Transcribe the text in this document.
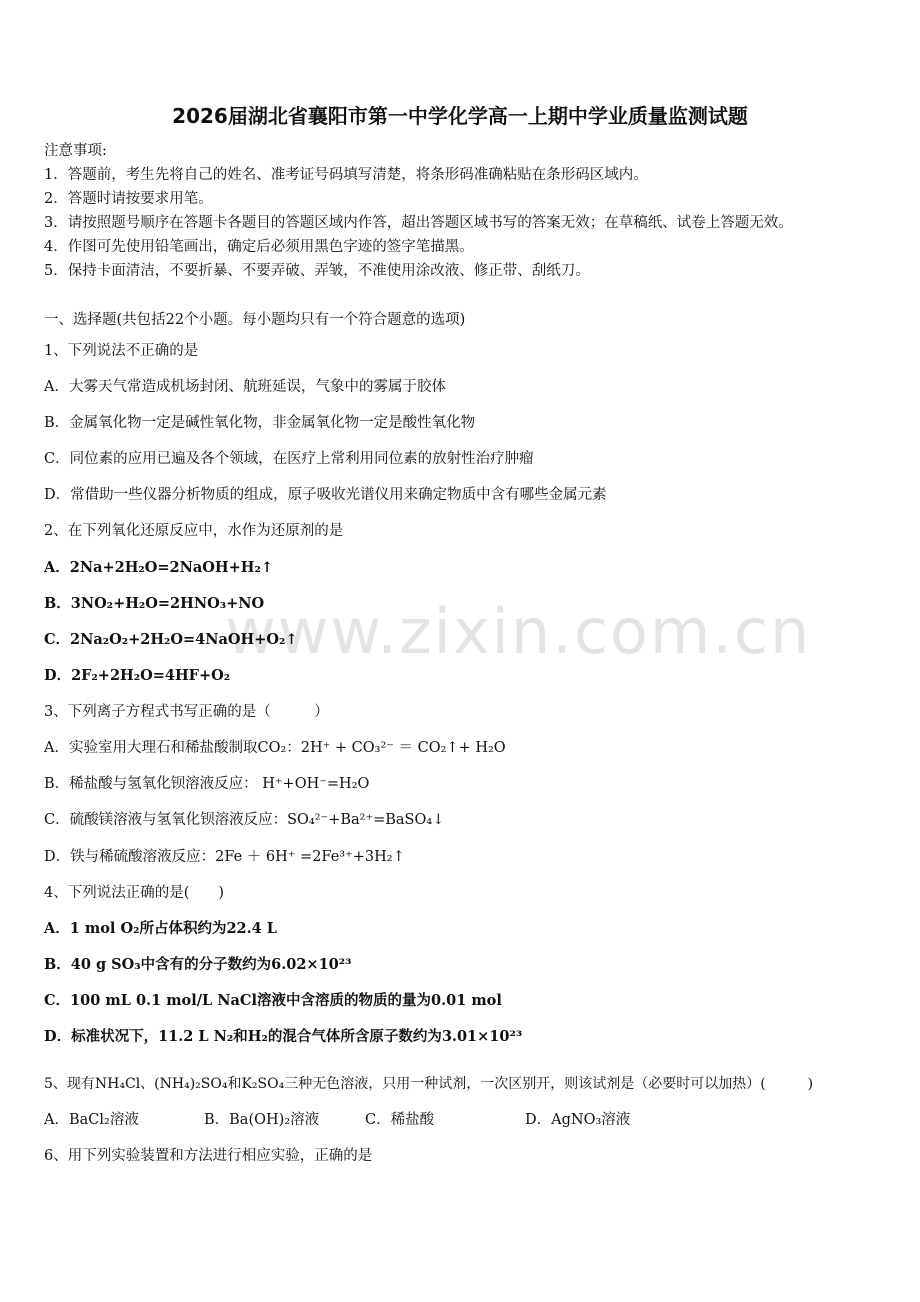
2026届湖北省襄阳市第一中学化学高一上期中学业质量监测试题
注意事项:
1．答题前，考生先将自己的姓名、准考证号码填写清楚，将条形码准确粘贴在条形码区域内。
2．答题时请按要求用笔。
3．请按照题号顺序在答题卡各题目的答题区域内作答，超出答题区域书写的答案无效；在草稿纸、试卷上答题无效。
4．作图可先使用铅笔画出，确定后必须用黑色字迹的签字笔描黑。
5．保持卡面清洁，不要折暴、不要弄破、弄皱，不准使用涂改液、修正带、刮纸刀。
一、选择题(共包括22个小题。每小题均只有一个符合题意的选项)
1、下列说法不正确的是
A．大雾天气常造成机场封闭、航班延误，气象中的雾属于胶体
B．金属氧化物一定是碱性氧化物，非金属氧化物一定是酸性氧化物
C．同位素的应用已遍及各个领域，在医疗上常利用同位素的放射性治疗肿瘤
D．常借助一些仪器分析物质的组成，原子吸收光谱仪用来确定物质中含有哪些金属元素
2、在下列氧化还原反应中，水作为还原剂的是
A．2Na+2H₂O=2NaOH+H₂↑
B．3NO₂+H₂O=2HNO₃+NO
C．2Na₂O₂+2H₂O=4NaOH+O₂↑
D．2F₂+2H₂O=4HF+O₂
3、下列离子方程式书写正确的是（　　　）
A．实验室用大理石和稀盐酸制取CO₂：2H⁺ + CO₃²⁻ ＝ CO₂↑+ H₂O
B．稀盐酸与氢氧化钡溶液反应： H⁺+OH⁻=H₂O
C．硫酸镁溶液与氢氧化钡溶液反应：SO₄²⁻+Ba²⁺=BaSO₄↓
D．铁与稀硫酸溶液反应：2Fe ＋ 6H⁺ =2Fe³⁺+3H₂↑
4、下列说法正确的是(　　)
A．1 mol O₂所占体积约为22.4 L
B．40 g SO₃中含有的分子数约为6.02×10²³
C．100 mL 0.1 mol/L NaCl溶液中含溶质的物质的量为0.01 mol
D．标准状况下，11.2 L N₂和H₂的混合气体所含原子数约为3.01×10²³
5、现有NH₄Cl、(NH₄)₂SO₄和K₂SO₄三种无色溶液，只用一种试剂，一次区别开，则该试剂是（必要时可以加热）(　　　)
A．BaCl₂溶液	B．Ba(OH)₂溶液	C．稀盐酸	D．AgNO₃溶液
6、用下列实验装置和方法进行相应实验，正确的是
www.zixin.com.cn
